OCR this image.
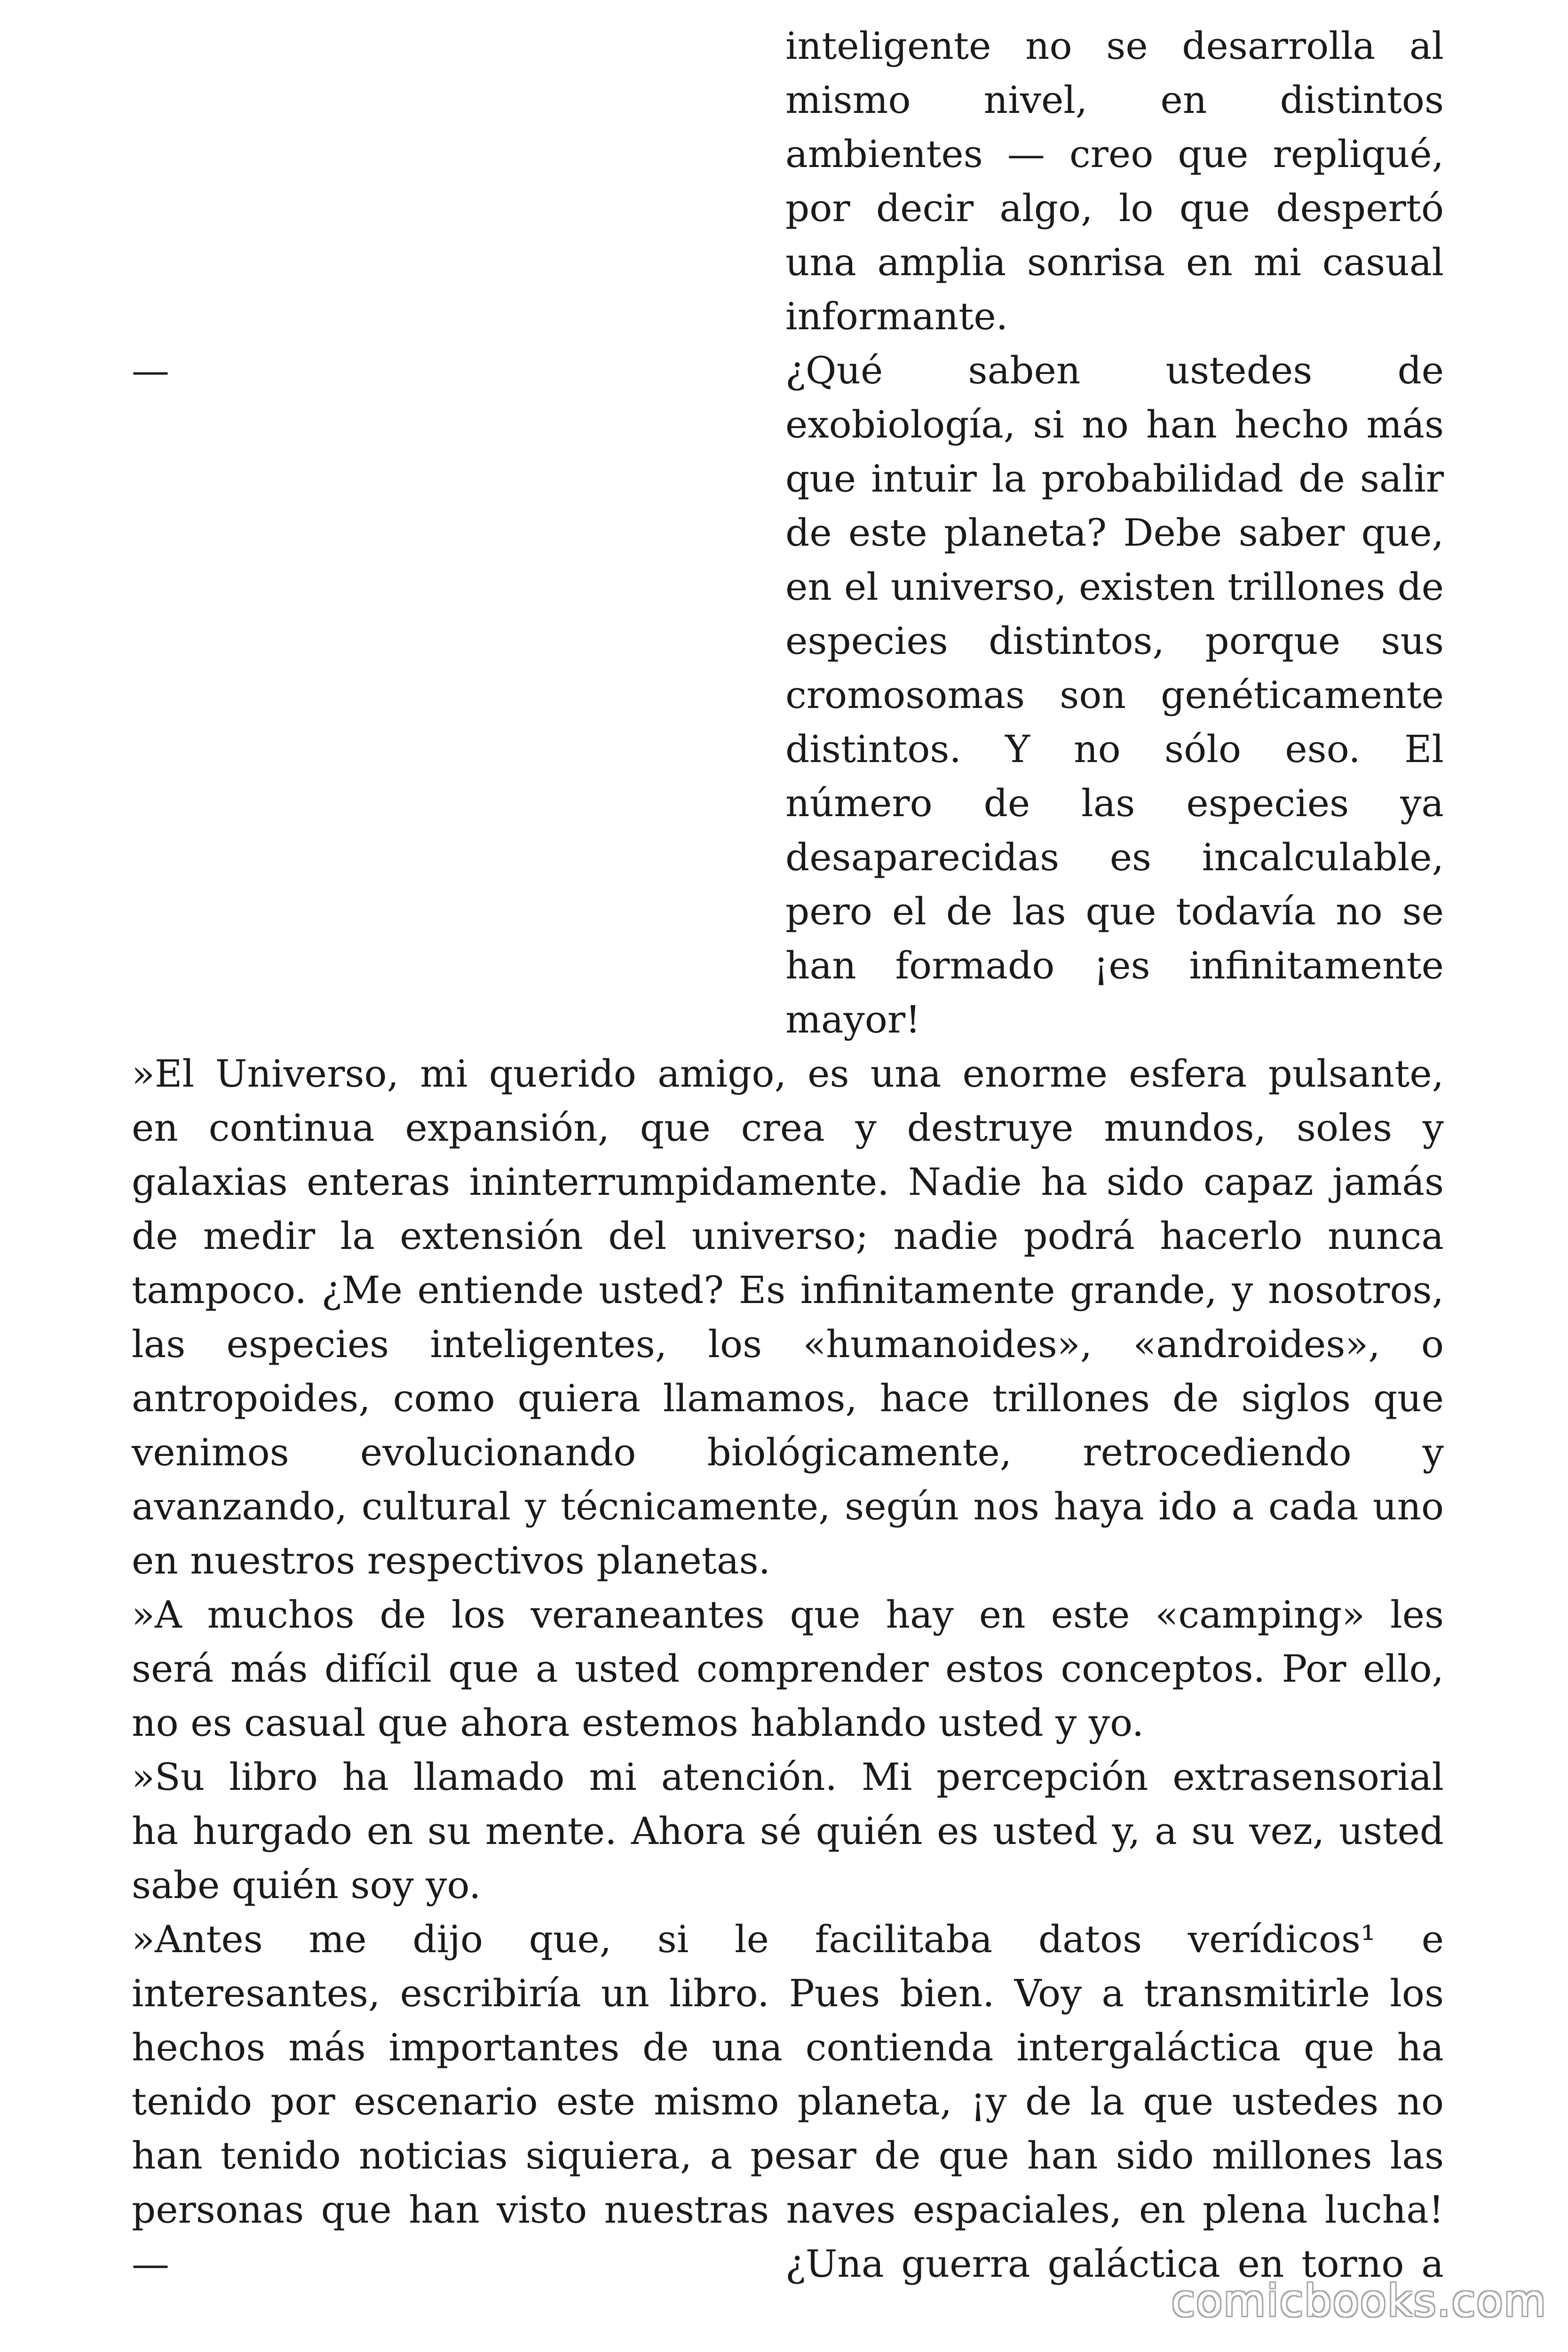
inteligente no se desarrolla al
mismo nivel, en distintos
ambientes — creo que repliqué,
por decir algo, lo que despertó
una amplia sonrisa en mi casual
informante.
—	¿Qué saben ustedes de
exobiología, si no han hecho más
que intuir la probabilidad de salir
de este planeta? Debe saber que,
en el universo, existen trillones de
especies distintos, porque sus
cromosomas son genéticamente
distintos. Y no sólo eso. El
número de las especies ya
desaparecidas es incalculable,
pero el de las que todavía no se
han formado ¡es infinitamente
mayor!
»El Universo, mi querido amigo, es una enorme esfera pulsante,
en continua expansión, que crea y destruye mundos, soles y
galaxias enteras ininterrumpidamente. Nadie ha sido capaz jamás
de medir la extensión del universo; nadie podrá hacerlo nunca
tampoco. ¿Me entiende usted? Es infinitamente grande, y nosotros,
las especies inteligentes, los «humanoides», «androides», o
antropoides, como quiera llamamos, hace trillones de siglos que
venimos evolucionando biológicamente, retrocediendo y
avanzando, cultural y técnicamente, según nos haya ido a cada uno
en nuestros respectivos planetas.
»A muchos de los veraneantes que hay en este «camping» les
será más difícil que a usted comprender estos conceptos. Por ello,
no es casual que ahora estemos hablando usted y yo.
»Su libro ha llamado mi atención. Mi percepción extrasensorial
ha hurgado en su mente. Ahora sé quién es usted y, a su vez, usted
sabe quién soy yo.
»Antes me dijo que, si le facilitaba datos verídicos¹ e
interesantes, escribiría un libro. Pues bien. Voy a transmitirle los
hechos más importantes de una contienda intergaláctica que ha
tenido por escenario este mismo planeta, ¡y de la que ustedes no
han tenido noticias siquiera, a pesar de que han sido millones las
personas que han visto nuestras naves espaciales, en plena lucha!
—	¿Una guerra galáctica en torno a
comicbooks.com
